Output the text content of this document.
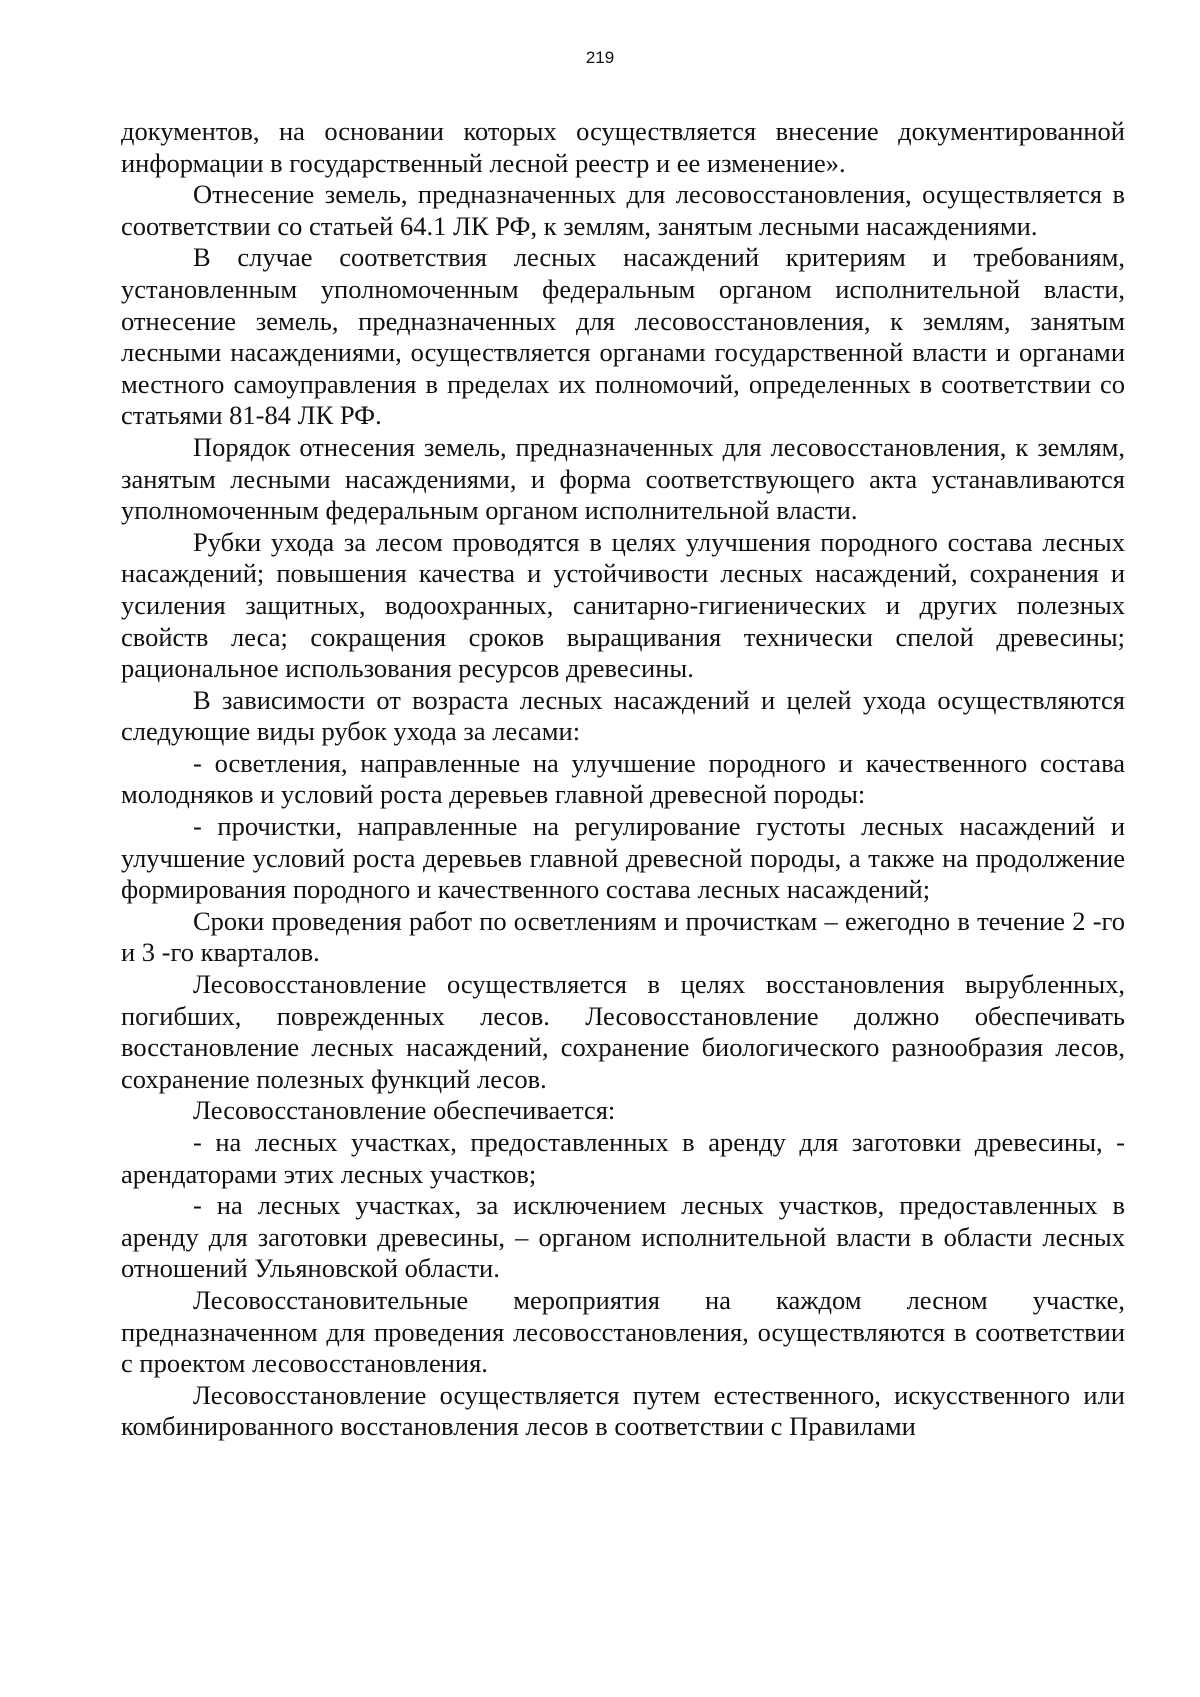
219

документов, на основании которых осуществляется внесение документированной информации в государственный лесной реестр и ее изменение».

Отнесение земель, предназначенных для лесовосстановления, осуществляется в соответствии со статьей 64.1 ЛК РФ, к землям, занятым лесными насаждениями.

В случае соответствия лесных насаждений критериям и требованиям, установленным уполномоченным федеральным органом исполнительной власти, отнесение земель, предназначенных для лесовосстановления, к землям, занятым лесными насаждениями, осуществляется органами государственной власти и органами местного самоуправления в пределах их полномочий, определенных в соответствии со статьями 81-84 ЛК РФ.

Порядок отнесения земель, предназначенных для лесовосстановления, к землям, занятым лесными насаждениями, и форма соответствующего акта устанавливаются уполномоченным федеральным органом исполнительной власти.

Рубки ухода за лесом проводятся в целях улучшения породного состава лесных насаждений; повышения качества и устойчивости лесных насаждений, сохранения и усиления защитных, водоохранных, санитарно-гигиенических и других полезных свойств леса; сокращения сроков выращивания технически спелой древесины; рациональное использования ресурсов древесины.

В зависимости от возраста лесных насаждений и целей ухода осуществляются следующие виды рубок ухода за лесами:

- осветления, направленные на улучшение породного и качественного состава молодняков и условий роста деревьев главной древесной породы:

- прочистки, направленные на регулирование густоты лесных насаждений и улучшение условий роста деревьев главной древесной породы, а также на продолжение формирования породного и качественного состава лесных насаждений;

Сроки проведения работ по осветлениям и прочисткам – ежегодно в течение 2 -го и 3 -го кварталов.

Лесовосстановление осуществляется в целях восстановления вырубленных, погибших, поврежденных лесов. Лесовосстановление должно обеспечивать восстановление лесных насаждений, сохранение биологического разнообразия лесов, сохранение полезных функций лесов.

Лесовосстановление обеспечивается:

- на лесных участках, предоставленных в аренду для заготовки древесины, - арендаторами этих лесных участков;

- на лесных участках, за исключением лесных участков, предоставленных в аренду для заготовки древесины, – органом исполнительной власти в области лесных отношений Ульяновской области.

Лесовосстановительные мероприятия на каждом лесном участке, предназначенном для проведения лесовосстановления, осуществляются в соответствии с проектом лесовосстановления.

Лесовосстановление осуществляется путем естественного, искусственного или комбинированного восстановления лесов в соответствии с Правилами
